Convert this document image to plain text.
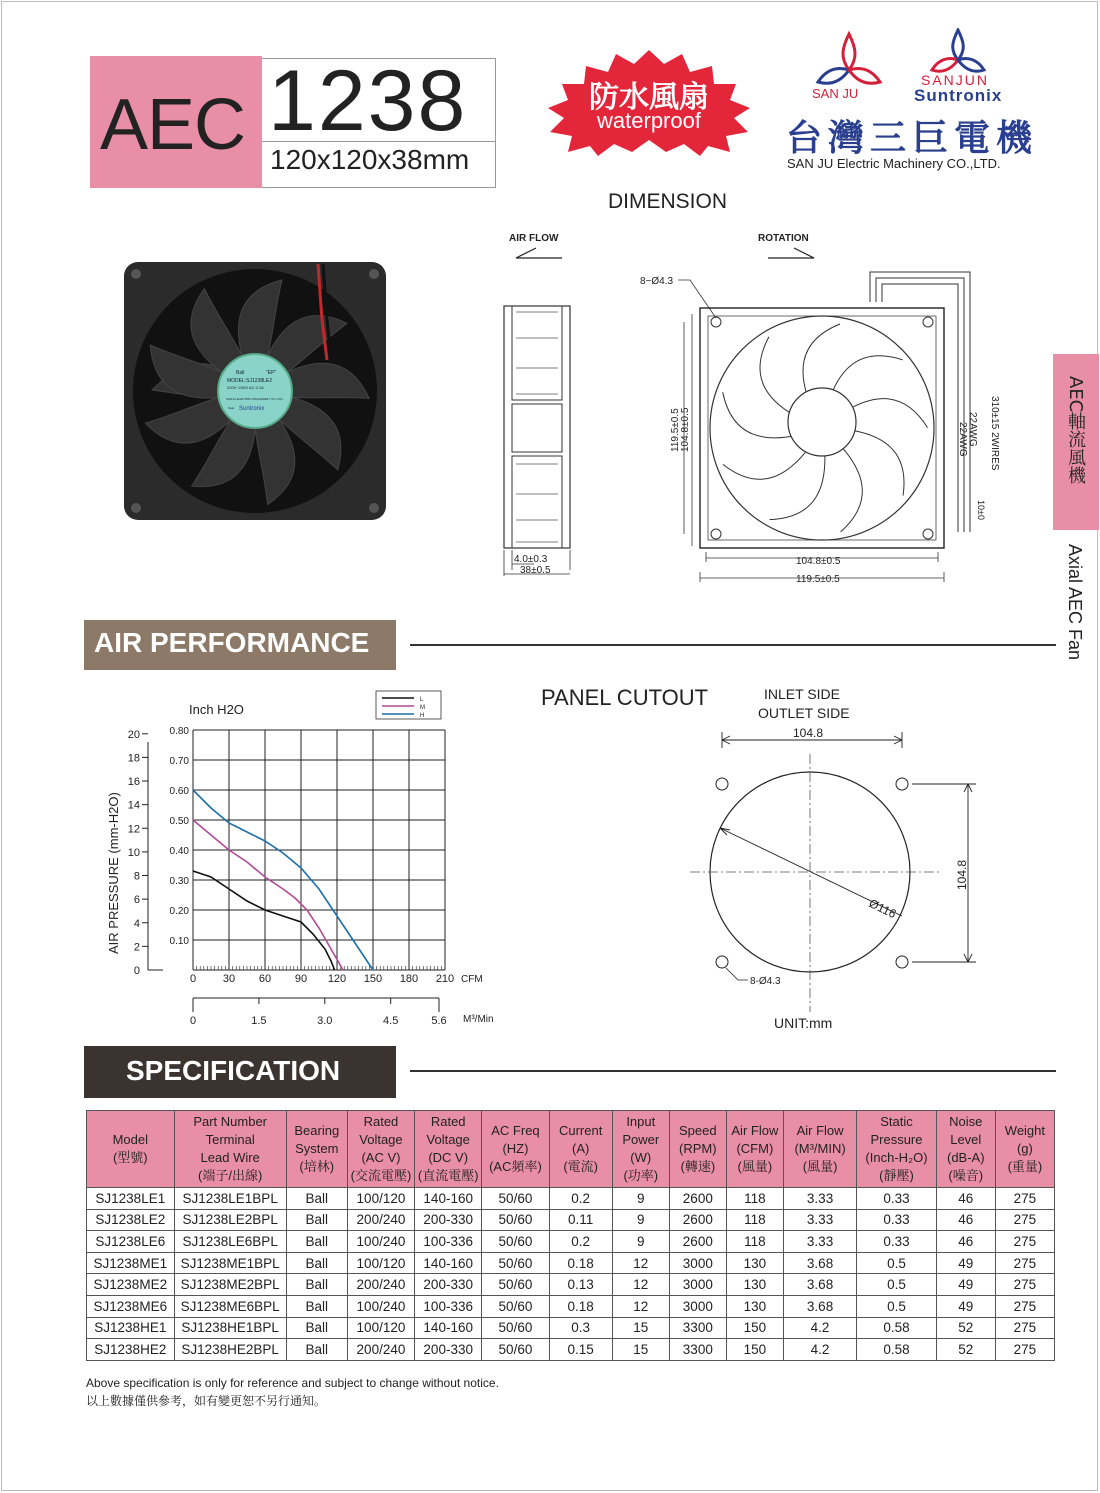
AEC 1238
120x120x38mm
防水風扇
waterproof
SAN JU
SANJUN
Suntronix
台灣三巨電機
SAN JU Electric Machinery CO.,LTD.
AEC軸流風機
Axial AEC Fan
DIMENSION
Ball	"EP"
MODEL:SJ1238LE2
220V~240V AC 0.1A
SANJU ELECTRIC MACHINERY CO.,LTD.
Seal Suntronix
AIR FLOW	ROTATION
4.0±0.3
38±0.5
8−Ø4.3
119.5±0.5 104.8±0.5
104.8±0.5
119.5±0.5
310±15 2WIRES
22AWG
22AWG
10±0
AIR PERFORMANCE
Inch H2O
AIR PRESSURE (mm-H2O)	0.10
0.20
0.30
0.40
0.50
0.60
0.70
0.80
2
4
6
8
10
12
14
16
18
20
0
0 30 60 90 120 150 180 210 CFM
0	1.5	3.0	4.5	5.6 M³/Min
L
M
H
PANEL CUTOUT	INLET SIDE
OUTLET SIDE
104.8
Ø116
104.8
8-Ø4.3
UNIT:mm
SPECIFICATION
Model
(型號)	Part Number
Terminal
Lead Wire
(端子/出線)	Bearing
System
(培林)	Rated
Voltage
(AC V)
(交流電壓)	Rated
Voltage
(DC V)
(直流電壓)	AC Freq
(HZ)
(AC頻率)	Current
(A)
(電流)	Input
Power
(W)
(功率)	Speed
(RPM)
(轉速)	Air Flow
(CFM)
(風量)	Air Flow
(M³/MIN)
(風量)	Static
Pressure
(Inch-H₂O)
(靜壓)	Noise
Level
(dB-A)
(噪音)	Weight
(g)
(重量)

SJ1238LE1	SJ1238LE1BPL	Ball	100/120	140-160	50/60	0.2	9	2600	118	3.33	0.33	46	275
SJ1238LE2	SJ1238LE2BPL	Ball	200/240	200-330	50/60	0.11	9	2600	118	3.33	0.33	46	275
SJ1238LE6	SJ1238LE6BPL	Ball	100/240	100-336	50/60	0.2	9	2600	118	3.33	0.33	46	275
SJ1238ME1	SJ1238ME1BPL	Ball	100/120	140-160	50/60	0.18	12	3000	130	3.68	0.5	49	275
SJ1238ME2	SJ1238ME2BPL	Ball	200/240	200-330	50/60	0.13	12	3000	130	3.68	0.5	49	275
SJ1238ME6	SJ1238ME6BPL	Ball	100/240	100-336	50/60	0.18	12	3000	130	3.68	0.5	49	275
SJ1238HE1	SJ1238HE1BPL	Ball	100/120	140-160	50/60	0.3	15	3300	150	4.2	0.58	52	275
SJ1238HE2	SJ1238HE2BPL	Ball	200/240	200-330	50/60	0.15	15	3300	150	4.2	0.58	52	275
Above specification is only for reference and subject to change without notice.
以上數據僅供參考，如有變更恕不另行通知。
